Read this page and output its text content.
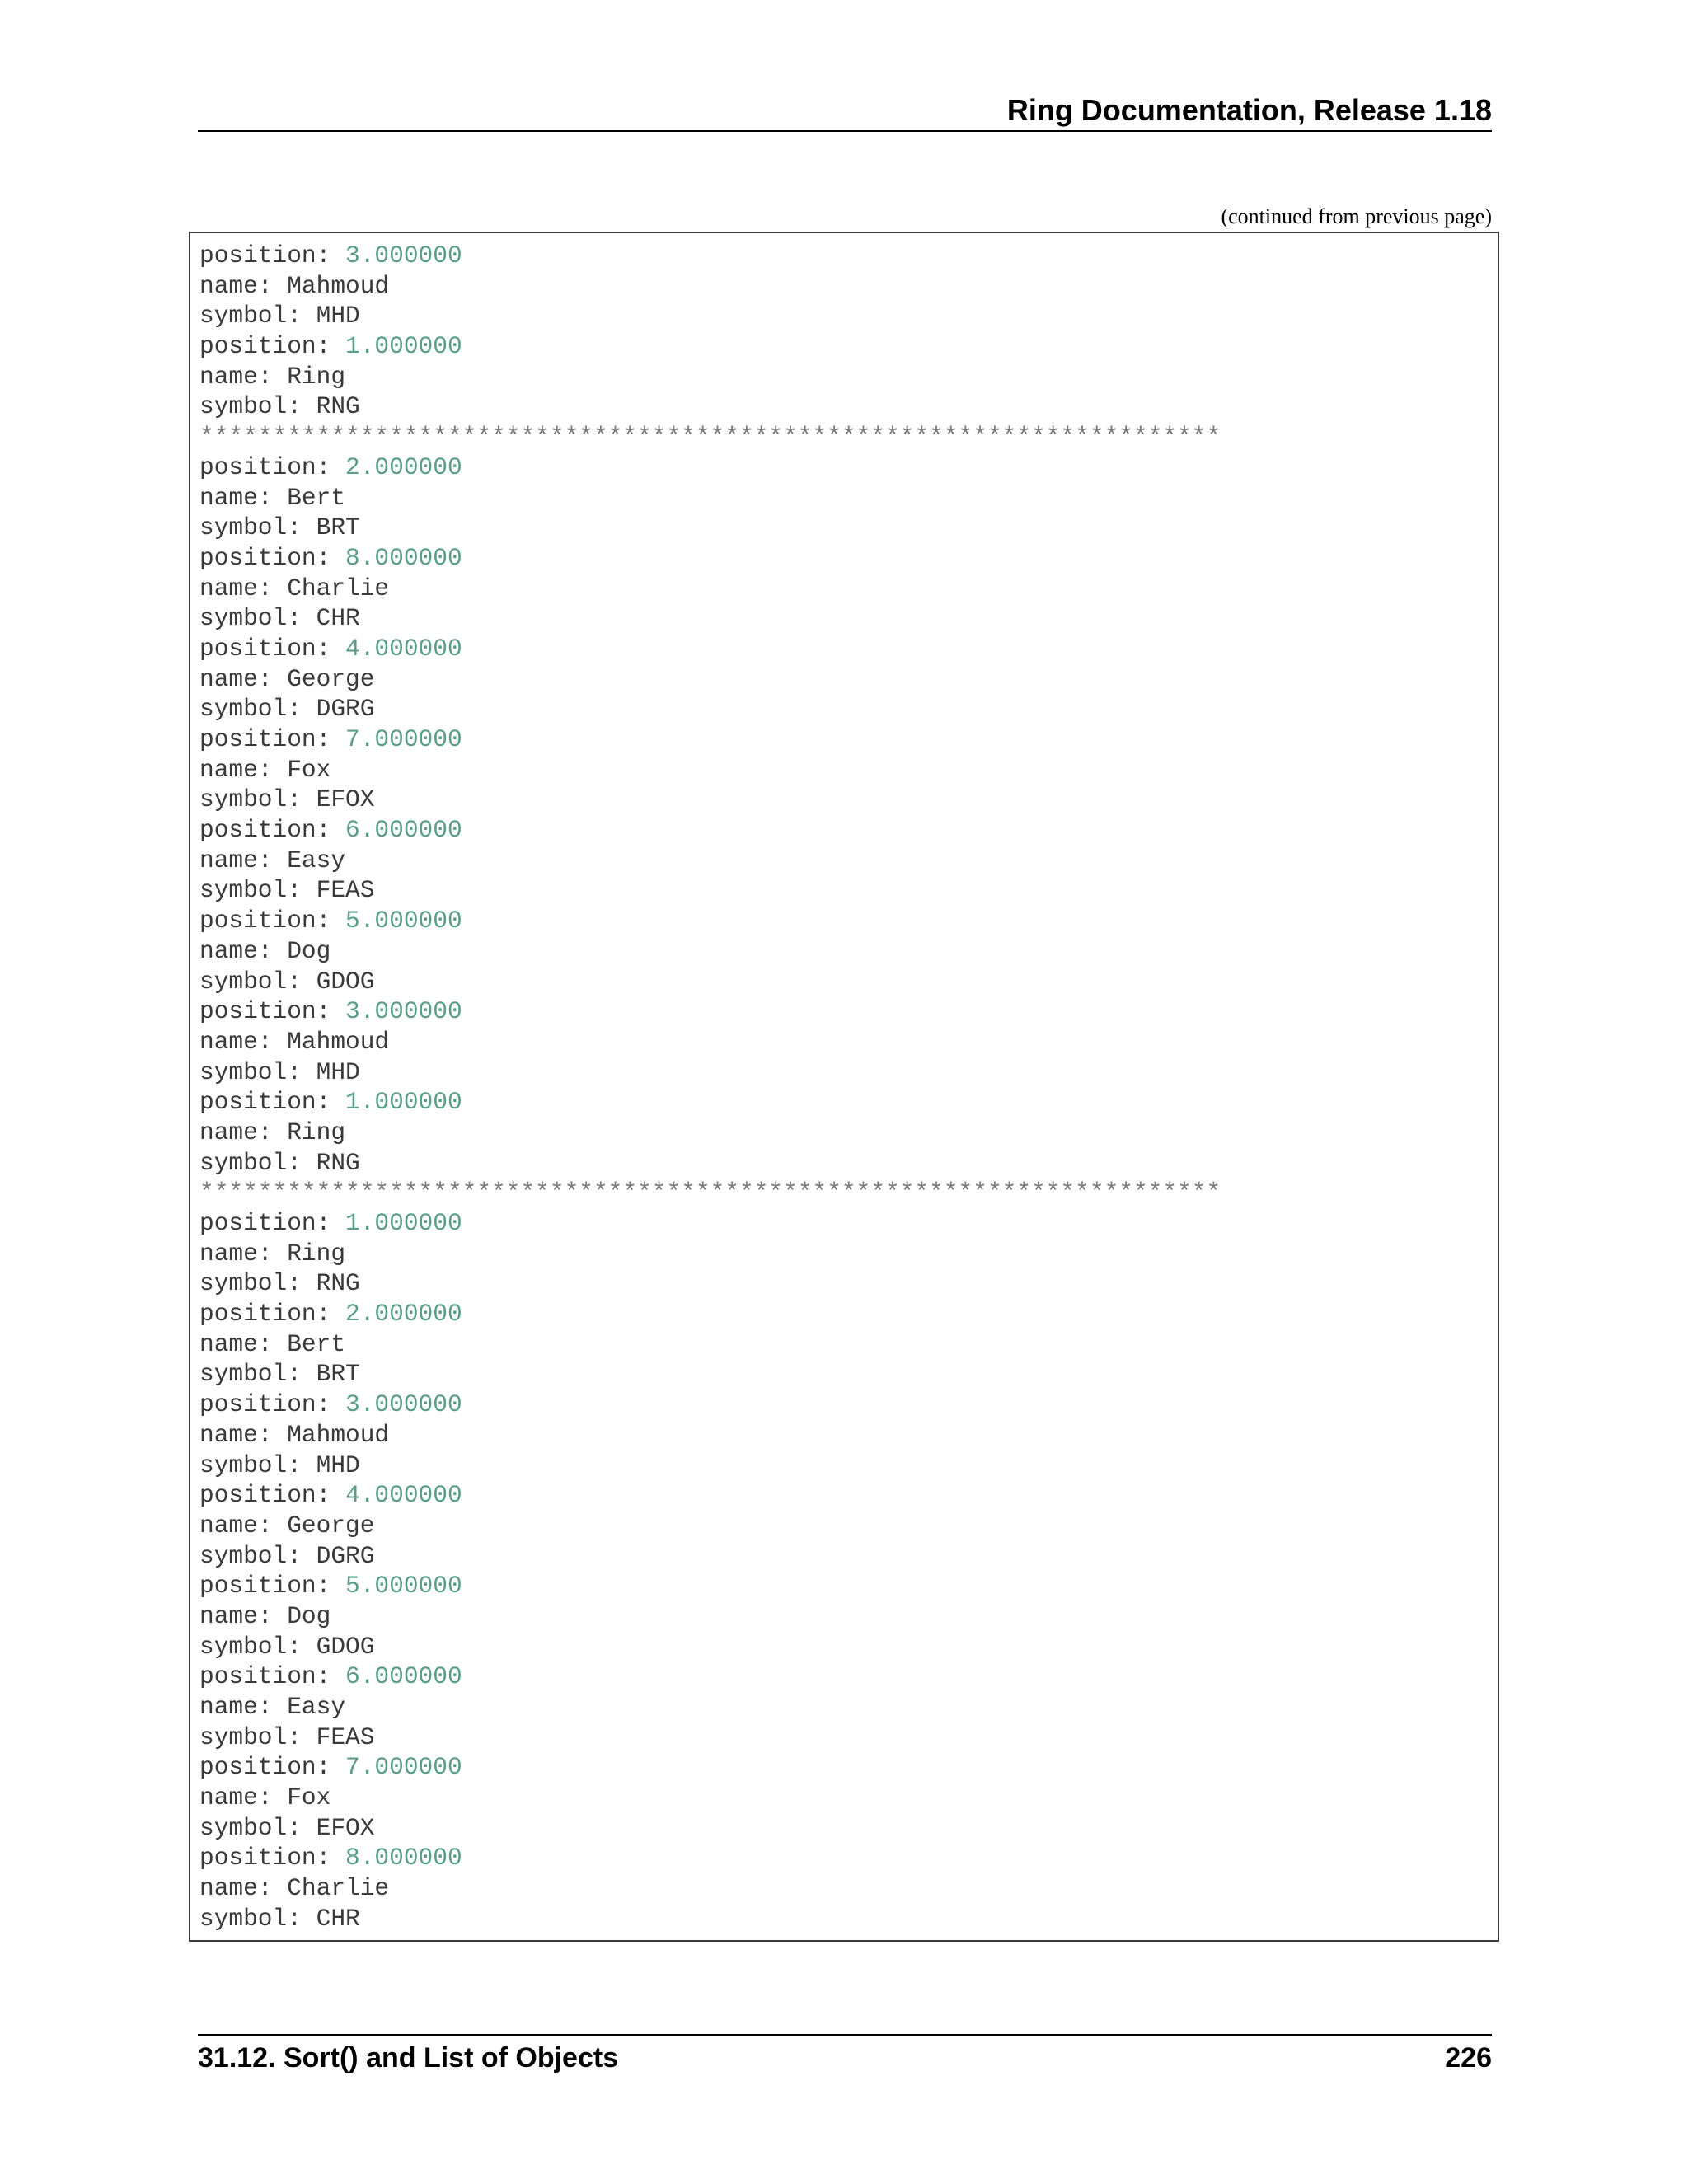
Ring Documentation, Release 1.18
(continued from previous page)
position: 3.000000
name: Mahmoud
symbol: MHD
position: 1.000000
name: Ring
symbol: RNG
**********************************************************************
position: 2.000000
name: Bert
symbol: BRT
position: 8.000000
name: Charlie
symbol: CHR
position: 4.000000
name: George
symbol: DGRG
position: 7.000000
name: Fox
symbol: EFOX
position: 6.000000
name: Easy
symbol: FEAS
position: 5.000000
name: Dog
symbol: GDOG
position: 3.000000
name: Mahmoud
symbol: MHD
position: 1.000000
name: Ring
symbol: RNG
**********************************************************************
position: 1.000000
name: Ring
symbol: RNG
position: 2.000000
name: Bert
symbol: BRT
position: 3.000000
name: Mahmoud
symbol: MHD
position: 4.000000
name: George
symbol: DGRG
position: 5.000000
name: Dog
symbol: GDOG
position: 6.000000
name: Easy
symbol: FEAS
position: 7.000000
name: Fox
symbol: EFOX
position: 8.000000
name: Charlie
symbol: CHR
31.12. Sort() and List of Objects	226
